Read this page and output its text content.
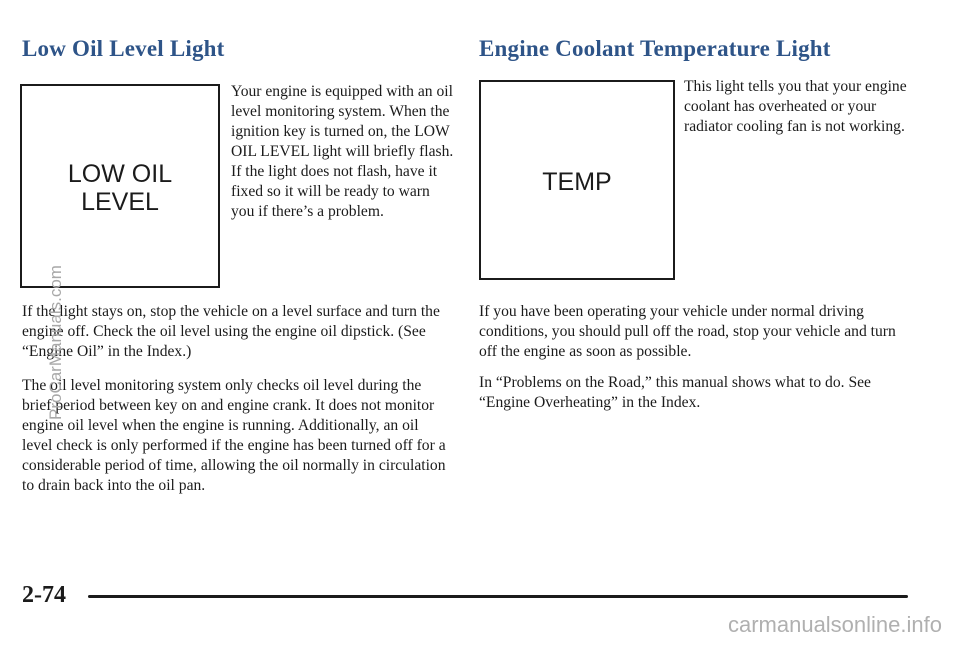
Low Oil Level Light	Engine Coolant Temperature Light
LOW OIL
LEVEL
TEMP

Your engine is equipped with an oil level monitoring system. When the ignition key is turned on, the LOW OIL LEVEL light will briefly flash. If the light does not flash, have it fixed so it will be ready to warn you if there’s a problem.

This light tells you that your engine coolant has overheated or your radiator cooling fan is not working.

If the light stays on, stop the vehicle on a level surface and turn the engine off. Check the oil level using the engine oil dipstick. (See “Engine Oil” in the Index.)

The oil level monitoring system only checks oil level during the brief period between key on and engine crank. It does not monitor engine oil level when the engine is running. Additionally, an oil level check is only performed if the engine has been turned off for a considerable period of time, allowing the oil normally in circulation to drain back into the oil pan.

If you have been operating your vehicle under normal driving conditions, you should pull off the road, stop your vehicle and turn off the engine as soon as possible.

In “Problems on the Road,” this manual shows what to do. See “Engine Overheating” in the Index.

ProCarManuals.com
carmanualsonline.info

2-74
